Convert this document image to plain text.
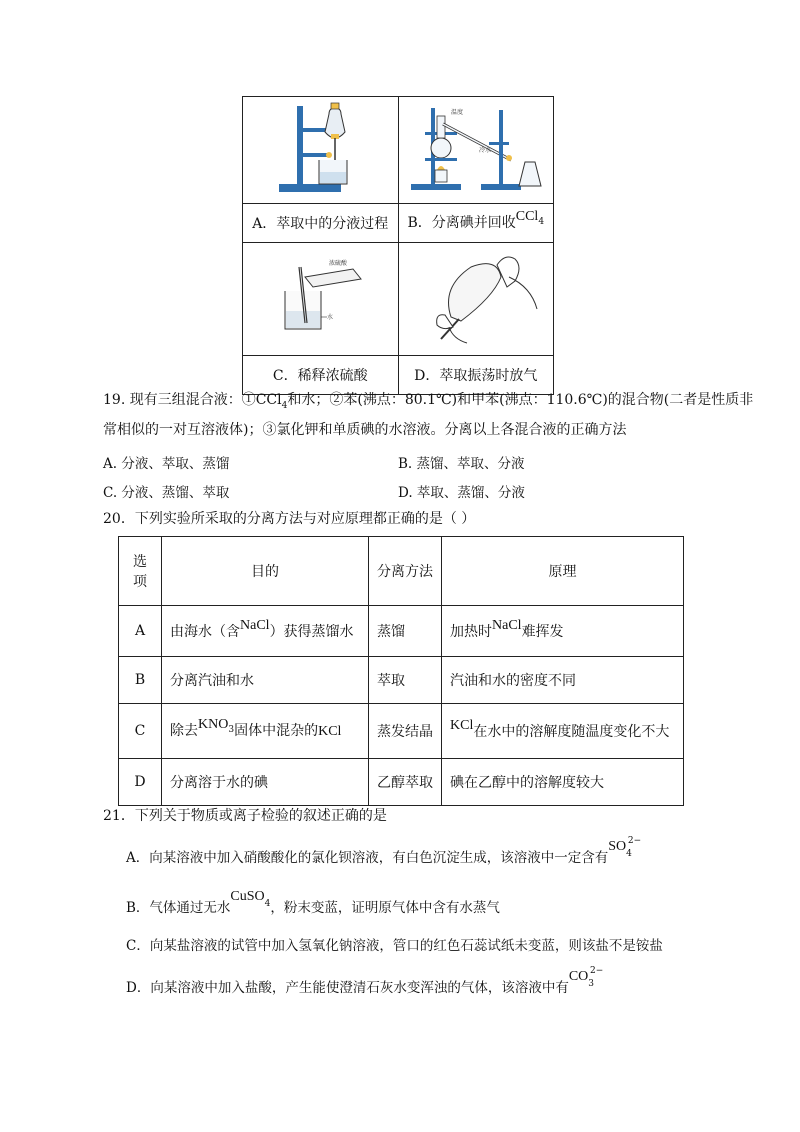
温度
冷水

A．萃取中的分液过程	B．分离碘并回收CCl$_4$

浓硫酸
水

C．稀释浓硫酸	D．萃取振荡时放气
19. 现有三组混合液：①CCl$_4$和水；②苯(沸点：80.1℃)和甲苯(沸点：110.6℃)的混合物(二者是性质非
常相似的一对互溶液体)；③氯化钾和单质碘的水溶液。分离以上各混合液的正确方法
A. 分液、萃取、蒸馏	B. 蒸馏、萃取、分液
C. 分液、蒸馏、萃取	D. 萃取、蒸馏、分液
20．下列实验所采取的分离方法与对应原理都正确的是（ ）
选
项	目的	分离方法	原理
A	由海水（含NaCl）获得蒸馏水	蒸馏	加热时NaCl难挥发
B	分离汽油和水	萃取	汽油和水的密度不同
C	除去$KNO_3$固体中混杂的KCl	蒸发结晶	KCl在水中的溶解度随温度变化不大
D	分离溶于水的碘	乙醇萃取	碘在乙醇中的溶解度较大
21．下列关于物质或离子检验的叙述正确的是
A．向某溶液中加入硝酸酸化的氯化钡溶液，有白色沉淀生成，该溶液中一定含有$SO_4^{2-}$
B．气体通过无水CuSO$_4$，粉末变蓝，证明原气体中含有水蒸气
C．向某盐溶液的试管中加入氢氧化钠溶液，管口的红色石蕊试纸未变蓝，则该盐不是铵盐
D．向某溶液中加入盐酸，产生能使澄清石灰水变浑浊的气体，该溶液中有$CO_3^{2-}$
